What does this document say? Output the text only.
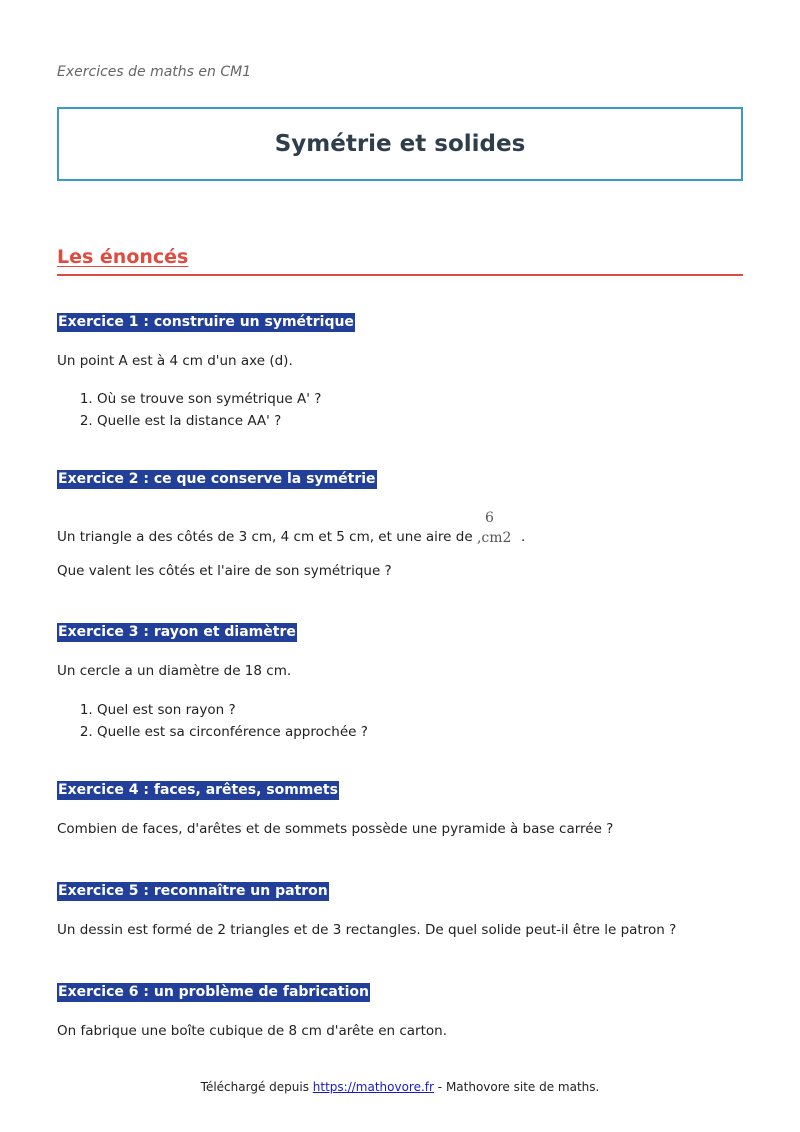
Exercices de maths en CM1
Symétrie et solides
Les énoncés
Exercice 1 : construire un symétrique
Un point A est à 4 cm d'un axe (d).
1. Où se trouve son symétrique A' ?
2. Quelle est la distance AA' ?
Exercice 2 : ce que conserve la symétrie
Un triangle a des côtés de 3 cm, 4 cm et 5 cm, et une aire de
6
,cm2 .
Que valent les côtés et l'aire de son symétrique ?
Exercice 3 : rayon et diamètre
Un cercle a un diamètre de 18 cm.
1. Quel est son rayon ?
2. Quelle est sa circonférence approchée ?
Exercice 4 : faces, arêtes, sommets
Combien de faces, d'arêtes et de sommets possède une pyramide à base carrée ?
Exercice 5 : reconnaître un patron
Un dessin est formé de 2 triangles et de 3 rectangles. De quel solide peut-il être le patron ?
Exercice 6 : un problème de fabrication
On fabrique une boîte cubique de 8 cm d'arête en carton.
Téléchargé depuis https://mathovore.fr - Mathovore site de maths.
